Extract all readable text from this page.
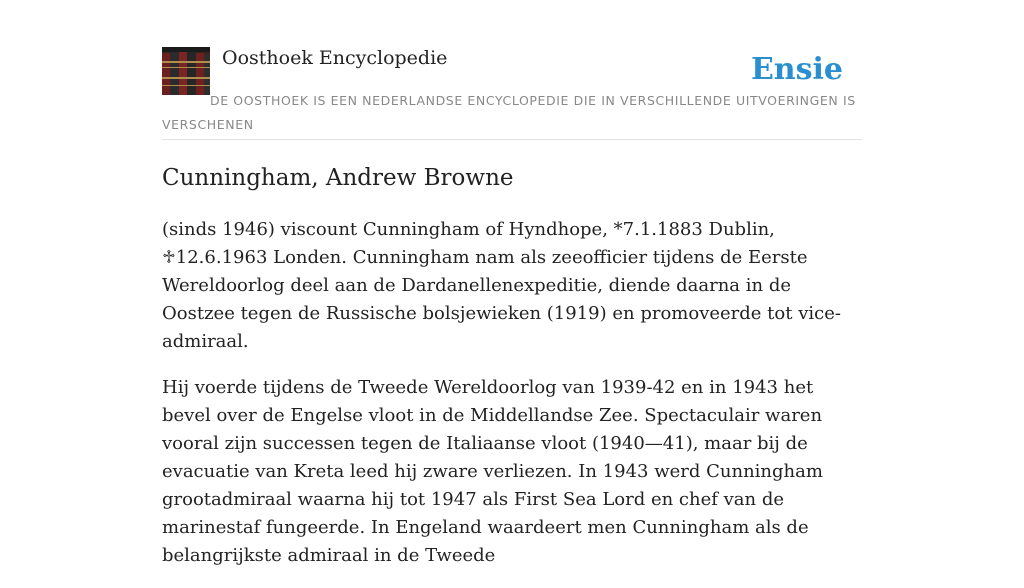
Oosthoek Encyclopedie	Ensie

DE OOSTHOEK IS EEN NEDERLANDSE ENCYCLOPEDIE DIE IN VERSCHILLENDE UITVOERINGEN IS VERSCHENEN

Cunningham, Andrew Browne

(sinds 1946) viscount Cunningham of Hyndhope, *7.1.1883 Dublin, ♱12.6.1963 Londen. Cunningham nam als zeeofficier tijdens de Eerste Wereldoorlog deel aan de Dardanellenexpeditie, diende daarna in de Oostzee tegen de Russische bolsjewieken (1919) en promoveerde tot vice-admiraal.

Hij voerde tijdens de Tweede Wereldoorlog van 1939-42 en in 1943 het bevel over de Engelse vloot in de Middellandse Zee. Spectaculair waren vooral zijn successen tegen de Italiaanse vloot (1940—41), maar bij de evacuatie van Kreta leed hij zware verliezen. In 1943 werd Cunningham grootadmiraal waarna hij tot 1947 als First Sea Lord en chef van de marinestaf fungeerde. In Engeland waardeert men Cunningham als de belangrijkste admiraal in de Tweede
